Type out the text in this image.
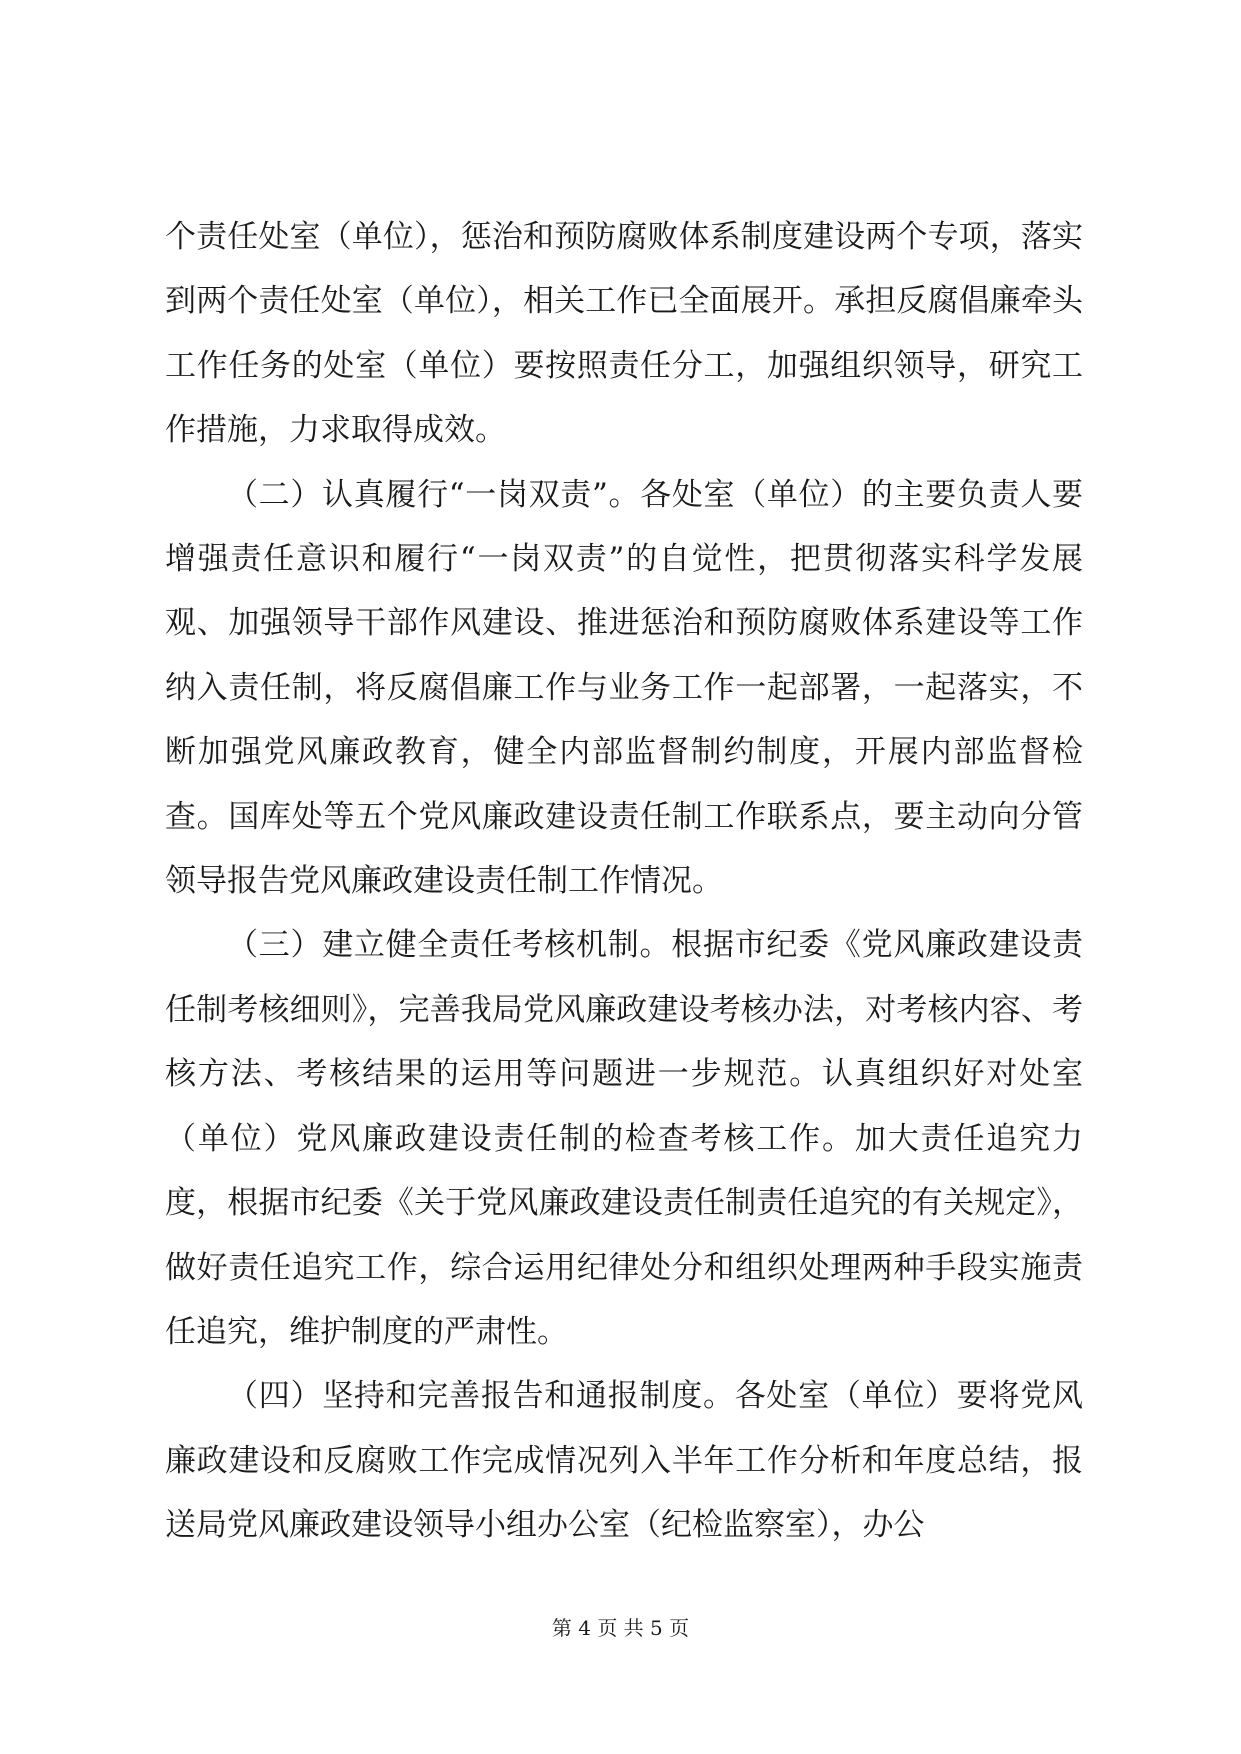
个责任处室（单位），惩治和预防腐败体系制度建设两个专项，落实到两个责任处室（单位），相关工作已全面展开。承担反腐倡廉牵头工作任务的处室（单位）要按照责任分工，加强组织领导，研究工作措施，力求取得成效。

（二）认真履行“一岗双责”。各处室（单位）的主要负责人要增强责任意识和履行“一岗双责”的自觉性，把贯彻落实科学发展观、加强领导干部作风建设、推进惩治和预防腐败体系建设等工作纳入责任制，将反腐倡廉工作与业务工作一起部署，一起落实，不断加强党风廉政教育，健全内部监督制约制度，开展内部监督检查。国库处等五个党风廉政建设责任制工作联系点，要主动向分管领导报告党风廉政建设责任制工作情况。

（三）建立健全责任考核机制。根据市纪委《党风廉政建设责任制考核细则》，完善我局党风廉政建设考核办法，对考核内容、考核方法、考核结果的运用等问题进一步规范。认真组织好对处室（单位）党风廉政建设责任制的检查考核工作。加大责任追究力度，根据市纪委《关于党风廉政建设责任制责任追究的有关规定》，做好责任追究工作，综合运用纪律处分和组织处理两种手段实施责任追究，维护制度的严肃性。

（四）坚持和完善报告和通报制度。各处室（单位）要将党风廉政建设和反腐败工作完成情况列入半年工作分析和年度总结，报送局党风廉政建设领导小组办公室（纪检监察室），办公

第 4 页 共 5 页
